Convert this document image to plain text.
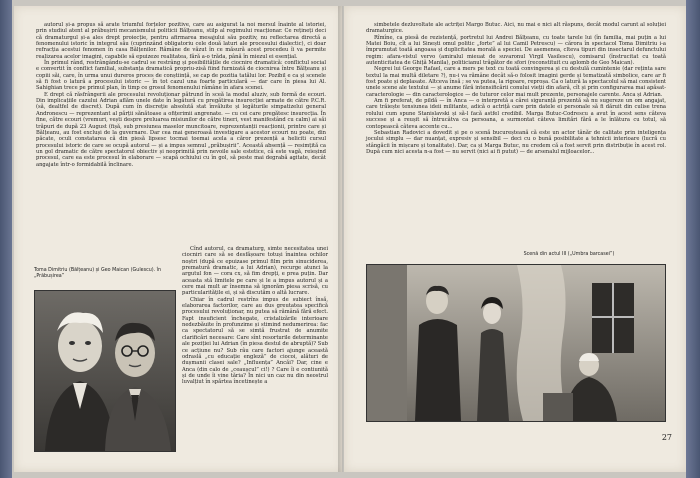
autorul și-a propus să arate triumful forțelor pozitive, care au asigurat la noi mersul înainte al istoriei, prin studiul atent al prăbușirii mecanismului politicii Bălțeanu, stilp al regimului reacționar. Ce rețineți deci că dramaturgul și-a ales drept proiecție, pentru afirmarea mesajului său pozitiv, nu reflectarea directă a fenomenului istoric în integrul său (cuprinzând obligatoriu cele două laturi ale procesului dialectic), ci doar refracția acestui fenomen în casa Bălțenilor. Rămâne de văzut în ce măsură acest procedeu îi va permite realizarea acelor imagini, capabile să epuizeze realitatea, fără a-o trăda, până în miezul ei esențial.

În primul rând, restrângându-se cadrul se restrâng și posibilitățile de ciocnire dramatică: conflictul social e convertit în conflict familial, substanța dramatică propriu-zisă fiind furnizată de ciocnirea între Bălțeanu și copiii săi, care, în urma unui dureros proces de conștiință, se cap de pozitia tatălui lor. Pozibil e ca și scenele să fi fost o latură a procesului istoric — în tot cazul una foarte particulară — dar care în piesa lui Al. Sahighian trece pe primul plan, în timp ce grosul fenomenului rămâne în afara scenei.

E drept că răsfrângerii ale procesului revoluționar pătrund în sceă la modul aluziv, sub formă de ecouri. Din implicațiile cazului Adrian aflăm unele date în legătură cu pregătirea insurecției armate de către P.C.R. (să, dealtfel de discret). După cum în discreție absolută stat învăluite și legăturile simpatizelui general Andronescu — reprezentant al părții sănătoase a ofițerimii angrenate. — cu cei care pregătesc insurecția. În fine, către ecouri (vremuri, vești despre preluarea misiunilor de către tineri, vest manifestând cu calm) ai săi trăpuri de după 23 August (fișă, sub presiunea maselor muncitoare, reprezentanții reacționii, printre care și Bălțeanu, au fost excluși de la guvernare. Dar cea mai generoasă investigare a acestor ecouri nu poate, din păcate, oculi constatarea că din piesă lipsesc tocmai toemai acela a căror prezență a heliciti cursul procesului istoric de care se ocupă autorul — și a impus semnul „prăbușirii”. Această absență — resimțită ca un gol dramatic de către spectatorul obiectiv și neoprimită prin nevoile sale estetice, că este vagă, reieșind procesul, care ea este procesul în elaborare — scapă ochiului cu în gol, să peste mai degrabă agitate, decât angajate într-o formidabilă înclinare.

Toma Dimitriu (Bălțeanu) și Geo Maican (Gulescu). în „Prăbușirea”

Cînd autorul, ca dramaturg, simte necesitatea unei ciocniri care să se desfășoare totuși înaintea ochilor noștri (după ce epuizase primul film prin sinuciderea, prematură dramatic, a lui Adrian), recurge atunci la argutul fon — cora cx, să fim drepți, e prea puțin. Dar aceasta stă limitele pe care și le a impus autorul și a cere mai mult ar însemna să ignorăm piesa scrisă, cu particularitățile ei, și să discutăm o altă lucrare.

Chiar în cadrul restrîns impus de subiect însă, elaborarea factorilor, care au dus greutatea specifică procesului revoluționar, nu putea să rămână fără efect. Fapt insuficient închegate, cristalizările interioare nedezbăuite în profunzime și stimind nedumerirea: fac ca spectatorul să se simtă frustrat de anumite clarificări necesare: Care sînt resorturile determinante ale poziției lui Adrian (în piesa destul de abruptă)? Sub ce acțiune nu? Sub râu care factori ajunge această odraslă „cu educație engleză” de ciocoi, alături de dușmanii clasei sale? „Influența” Ancăi? Dar, cine e Anca (din calo de „ceaușcul” ci!) ? Care îi e contiunită și de unde îi vine tăria? În nici un caz nu din neostrul luvalțiut în spărtea încetinește a

simbetele dezluvoltate ale actriței Margo Butuc. Aici, nu mai e nici alt răspuns, decât modul carunt al soluției dramaturgice.

Rîmîne, ca piesă de rezistență, portretul lui Andrei Bălțeanu, cu toate tarele lui (în familia, mai puțin a lui Matei Boiu, cît a lui Sinești omul politic „forte” al lui Camil Petrescu) — cărora în spectacol Toma Dimitriu i-a împrumutat toată angoasa și duplicitatea morală a speciei. De asemenea, clteva tipuri din insectarul defunctului regim: afara-vistul vervo (amiralul mieuat de suvaronul Virgil Vasilescu), comisarul (înstrucitat cu toată autenticitatea de Ghiță Manila), politicianul trăgător de sfori (reconstituit cu aplomb de Geo Maican).

Negrei lui George Rafael, care a mers pe text cu toată convingerea și cu destulă cumintenie (dar reținta sare textul la mai multă diletare ?), nu-i va rămâne decât să-o folosit imagini gerde și tematizată simbolice, care ar fi fost poate și deplasate. Altceva însă ; se va putea, la rigoare, reproșa. Ca o latură la spectacolul să mai consistent unele scene ale textului — și anume fără intensificării conului vieții din afară, cît și prin configurarea mai apăsat-caracterologie — din caracterologice — de tuturor celor mai mult prezente, personajele carente. Anca și Adrian.

Am fi preferat, de pildă — în Anca — o interpretă a cărei siguranță prezentă să nu sugereze un om angajat, care trăiește tensiunea ideii militante, adică o actriță care prin datele ei personale să fi dăruit din culise trena rolului cum spune Stanislavski și să-l facă astfel credibil. Marga Butuc-Codrescu a avut în acest sens câteva succese și a reușit să întrucâtva ca persoana, a surmontat câteva limitări fără a le înlătura cu totul, să contopească câteva accente cu...

Sebastian Radovici a dovedit și pe o scenă bucureșteană că este un actor tânăr de calitate prin inteligența jocului simplu — dar nuanțat, expresiv și sensibil — deci cu o bună posibilitate a tehnicii interioare (lucră cu stângăcii în mișcare și tonalitate). Dar, ca și Marga Butuc, nu credem că a fost servit prin distribuție în acest rol. După cum nici acesta n-a fost — nu servit (nici ai fi putut) — de arsenalul mijloacelor...

Scenă din actul III („Umbra barcasei”)
27
